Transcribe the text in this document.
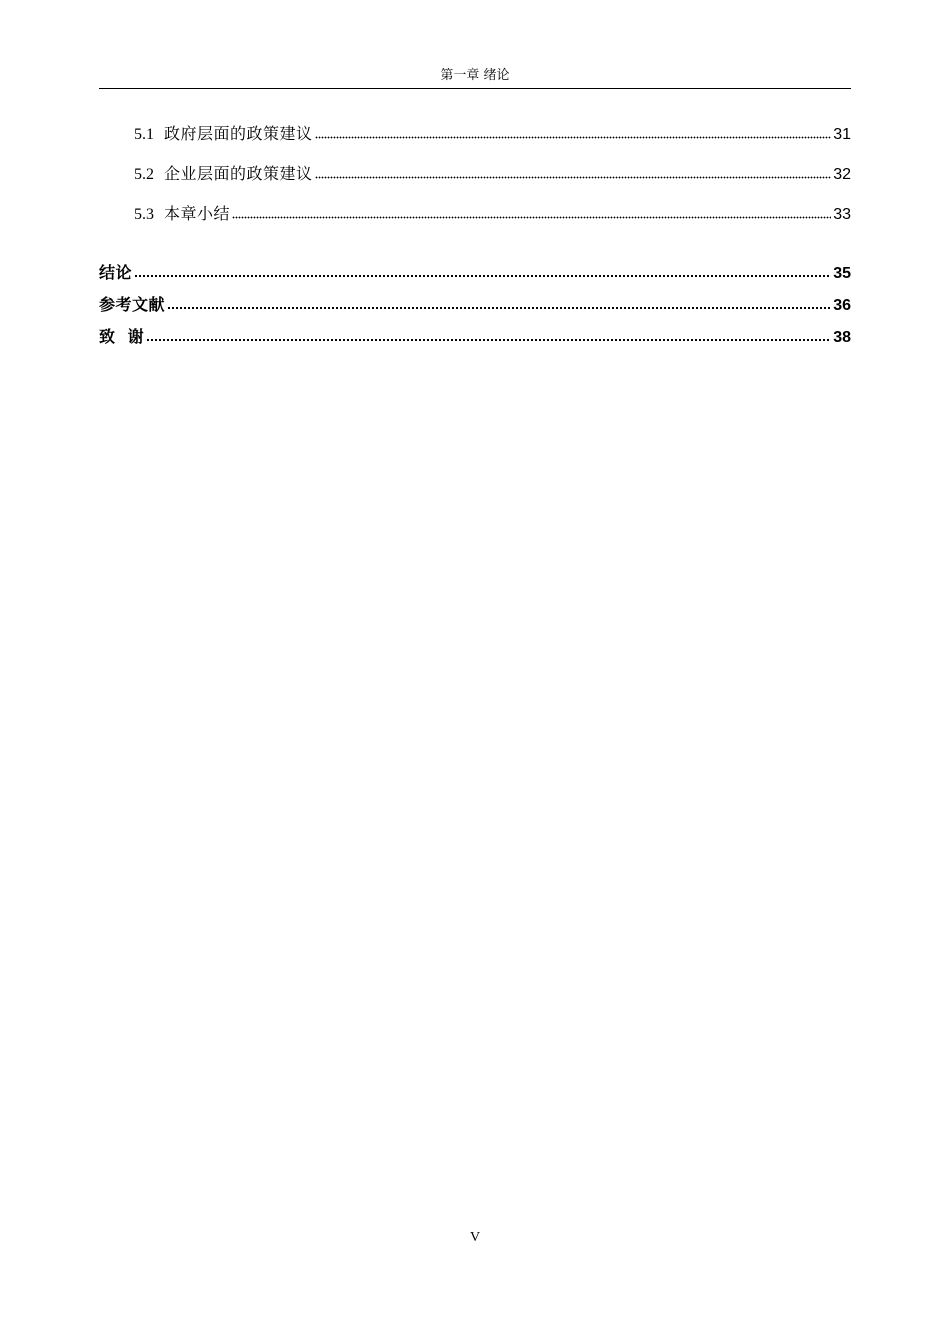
第一章 绪论
5.1 政府层面的政策建议	31
5.2 企业层面的政策建议	32
5.3 本章小结	33
结论	35
参考文献	36
致  谢	38
V
